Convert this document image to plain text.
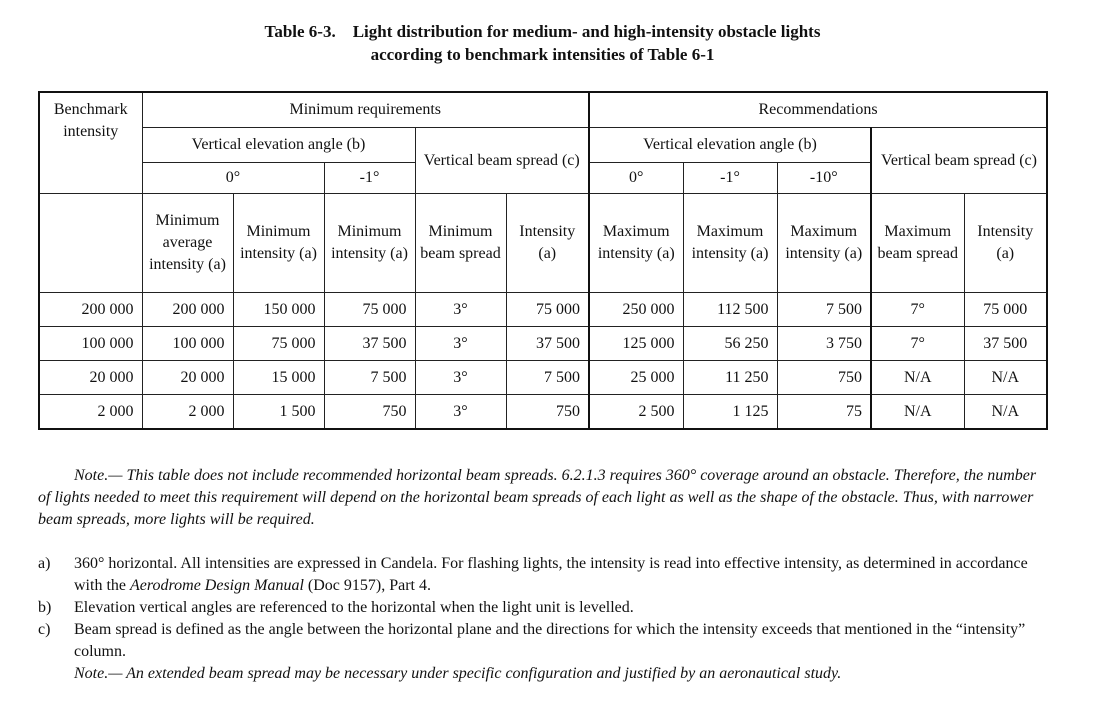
Table 6-3.    Light distribution for medium- and high-intensity obstacle lights
according to benchmark intensities of Table 6-1
Benchmark intensity	Minimum requirements					Recommendations				
	Vertical elevation angle (b)			Vertical beam spread (c)		Vertical elevation angle (b)			Vertical beam spread (c)	
	0°		-1°			0°	-1°	-10°		
	Minimum average intensity (a)	Minimum intensity (a)	Minimum intensity (a)	Minimum beam spread	Intensity (a)	Maximum intensity (a)	Maximum intensity (a)	Maximum intensity (a)	Maximum beam spread	Intensity (a)
200 000	200 000	150 000	75 000	3°	75 000	250 000	112 500	7 500	7°	75 000
100 000	100 000	75 000	37 500	3°	37 500	125 000	56 250	3 750	7°	37 500
20 000	20 000	15 000	7 500	3°	7 500	25 000	11 250	750	N/A	N/A
2 000	2 000	1 500	750	3°	750	2 500	1 125	75	N/A	N/A
Note.— This table does not include recommended horizontal beam spreads. 6.2.1.3 requires 360° coverage around an obstacle. Therefore, the number of lights needed to meet this requirement will depend on the horizontal beam spreads of each light as well as the shape of the obstacle. Thus, with narrower beam spreads, more lights will be required.
a)	360° horizontal. All intensities are expressed in Candela. For flashing lights, the intensity is read into effective intensity, as determined in accordance with the Aerodrome Design Manual (Doc 9157), Part 4.
b)	Elevation vertical angles are referenced to the horizontal when the light unit is levelled.
c)	Beam spread is defined as the angle between the horizontal plane and the directions for which the intensity exceeds that mentioned in the “intensity” column.
Note.— An extended beam spread may be necessary under specific configuration and justified by an aeronautical study.
